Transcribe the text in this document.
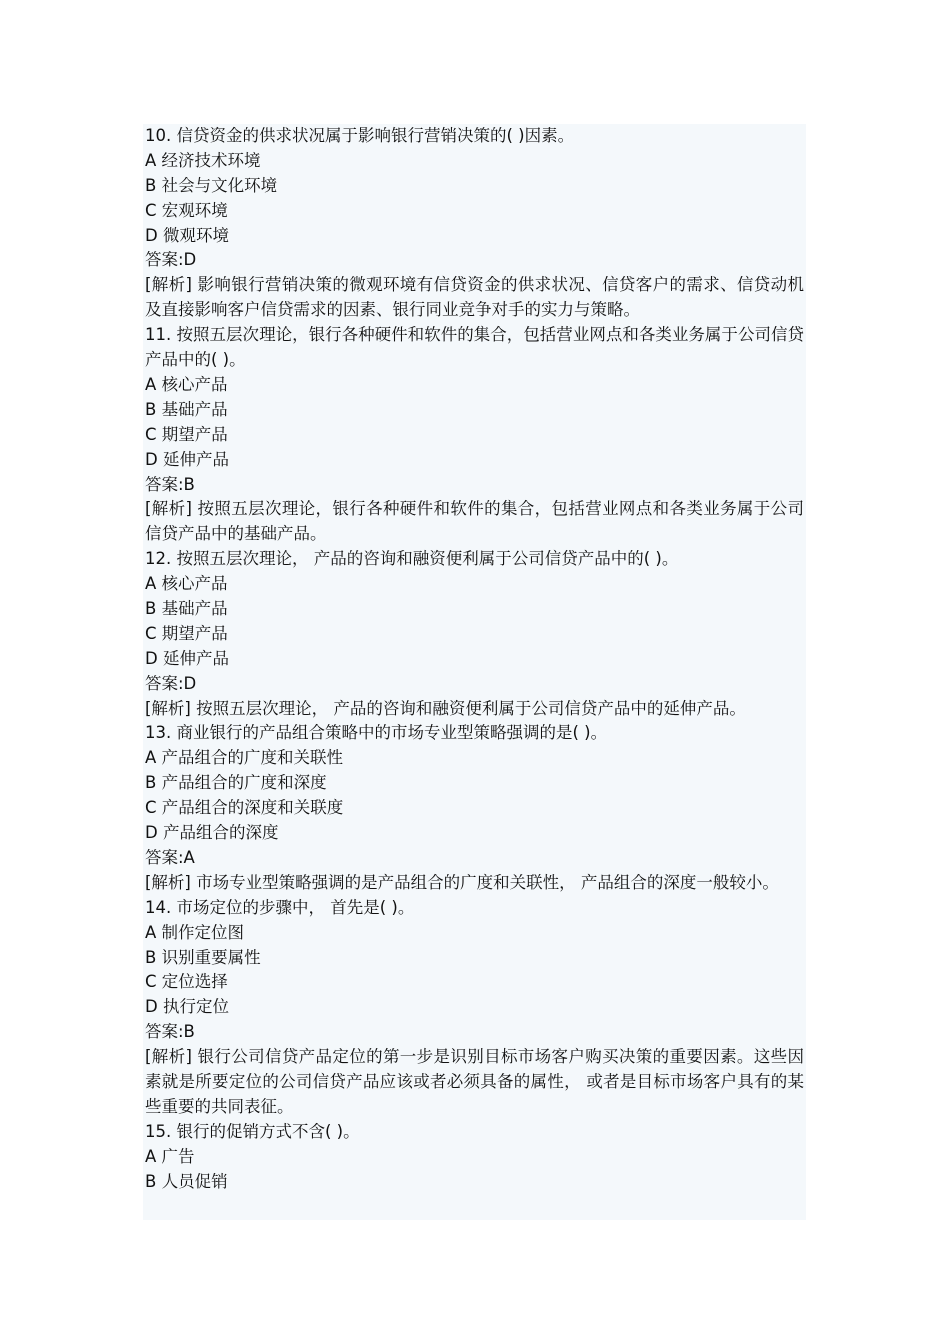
10. 信贷资金的供求状况属于影响银行营销决策的( )因素。
A 经济技术环境
B 社会与文化环境
C 宏观环境
D 微观环境
答案:D
[解析] 影响银行营销决策的微观环境有信贷资金的供求状况、信贷客户的需求、信贷动机及直接影响客户信贷需求的因素、银行同业竞争对手的实力与策略。
11. 按照五层次理论，银行各种硬件和软件的集合，包括营业网点和各类业务属于公司信贷产品中的( )。
A 核心产品
B 基础产品
C 期望产品
D 延伸产品
答案:B
[解析] 按照五层次理论，银行各种硬件和软件的集合，包括营业网点和各类业务属于公司信贷产品中的基础产品。
12. 按照五层次理论， 产品的咨询和融资便利属于公司信贷产品中的( )。
A 核心产品
B 基础产品
C 期望产品
D 延伸产品
答案:D
[解析] 按照五层次理论， 产品的咨询和融资便利属于公司信贷产品中的延伸产品。
13. 商业银行的产品组合策略中的市场专业型策略强调的是( )。
A 产品组合的广度和关联性
B 产品组合的广度和深度
C 产品组合的深度和关联度
D 产品组合的深度
答案:A
[解析] 市场专业型策略强调的是产品组合的广度和关联性， 产品组合的深度一般较小。
14. 市场定位的步骤中， 首先是( )。
A 制作定位图
B 识别重要属性
C 定位选择
D 执行定位
答案:B
[解析] 银行公司信贷产品定位的第一步是识别目标市场客户购买决策的重要因素。这些因素就是所要定位的公司信贷产品应该或者必须具备的属性， 或者是目标市场客户具有的某些重要的共同表征。
15. 银行的促销方式不含( )。
A 广告
B 人员促销
